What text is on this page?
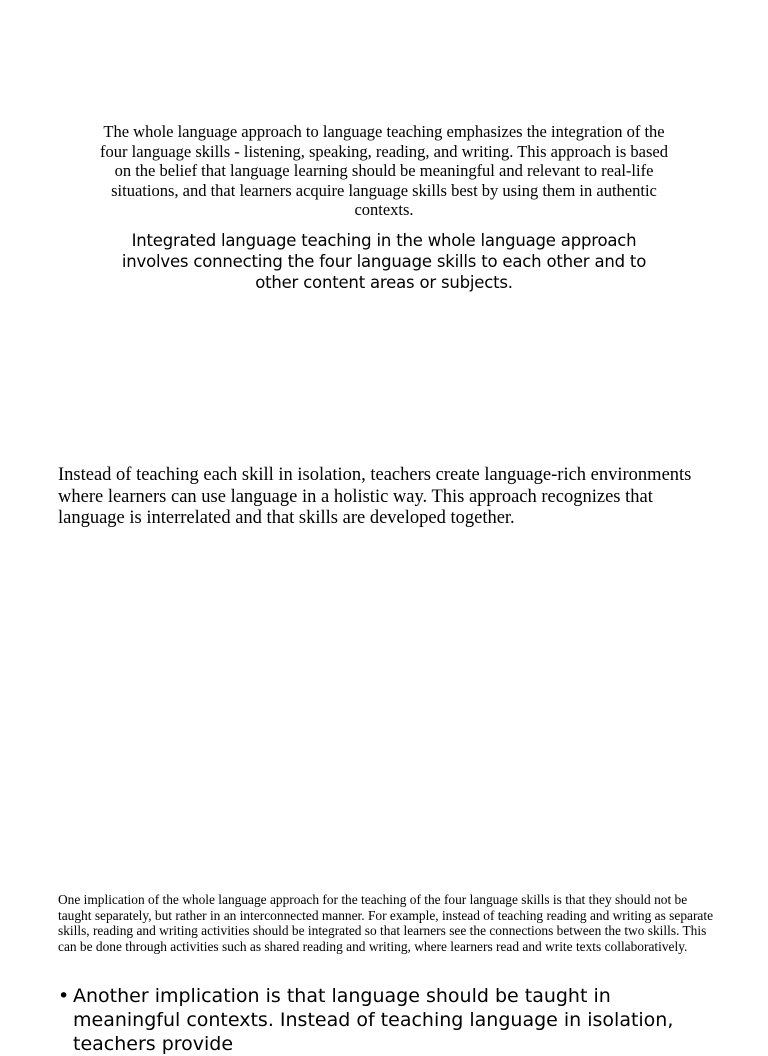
The whole language approach to language teaching emphasizes the integration of the four language skills - listening, speaking, reading, and writing. This approach is based on the belief that language learning should be meaningful and relevant to real-life situations, and that learners acquire language skills best by using them in authentic contexts.

Integrated language teaching in the whole language approach involves connecting the four language skills to each other and to other content areas or subjects.

Instead of teaching each skill in isolation, teachers create language-rich environments where learners can use language in a holistic way. This approach recognizes that language is interrelated and that skills are developed together.

One implication of the whole language approach for the teaching of the four language skills is that they should not be taught separately, but rather in an interconnected manner. For example, instead of teaching reading and writing as separate skills, reading and writing activities should be integrated so that learners see the connections between the two skills. This can be done through activities such as shared reading and writing, where learners read and write texts collaboratively.

• Another implication is that language should be taught in meaningful contexts. Instead of teaching language in isolation, teachers provide
